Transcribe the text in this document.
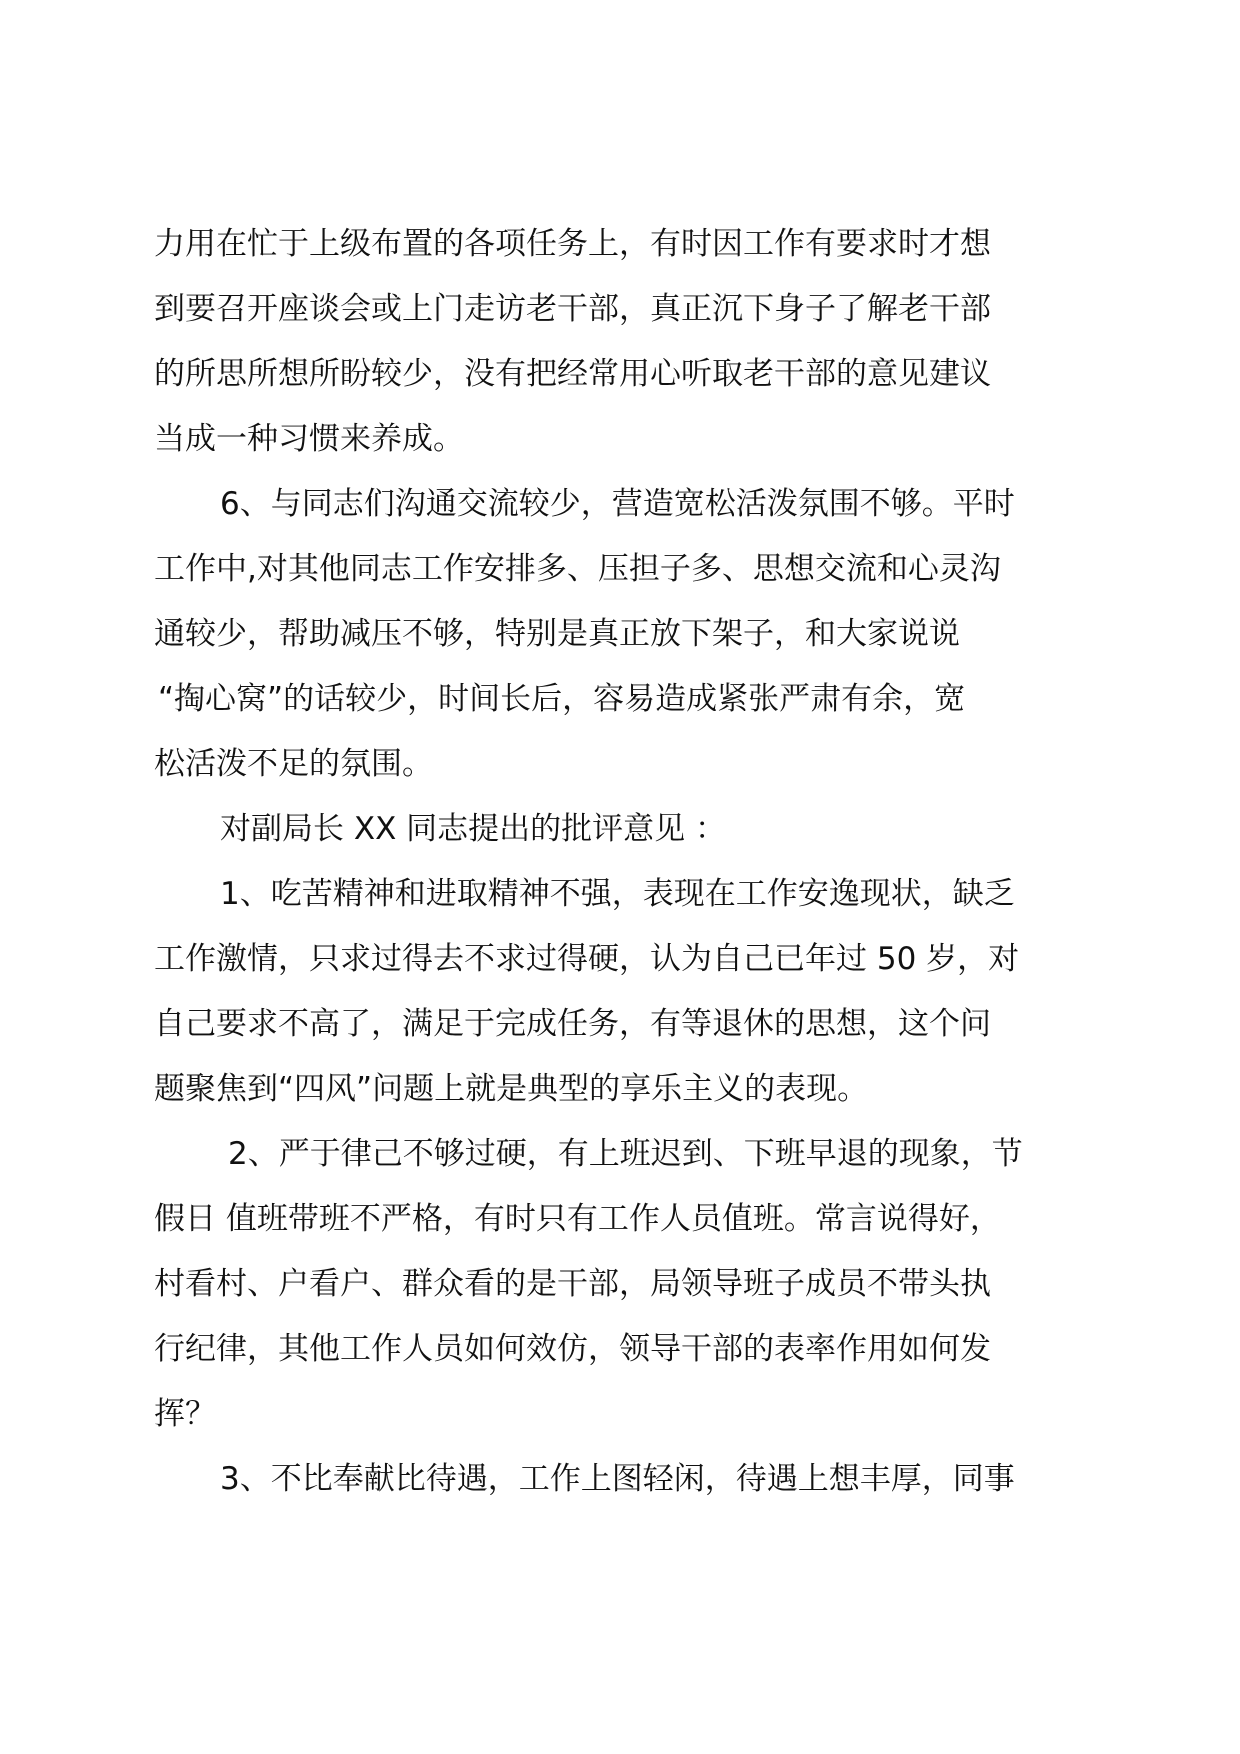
力用在忙于上级布置的各项任务上，有时因工作有要求时才想
到要召开座谈会或上门走访老干部，真正沉下身子了解老干部
的所思所想所盼较少，没有把经常用心听取老干部的意见建议
当成一种习惯来养成。
6、与同志们沟通交流较少，营造宽松活泼氛围不够。平时
工作中,对其他同志工作安排多、压担子多、思想交流和心灵沟
通较少，帮助减压不够，特别是真正放下架子，和大家说说
“掏心窝”的话较少，时间长后，容易造成紧张严肃有余，宽
松活泼不足的氛围。
对副局长 XX 同志提出的批评意见 ：
1、吃苦精神和进取精神不强，表现在工作安逸现状，缺乏
工作激情，只求过得去不求过得硬，认为自己已年过 50 岁，对
自己要求不高了，满足于完成任务，有等退休的思想，这个问
题聚焦到“四风”问题上就是典型的享乐主义的表现。
2、严于律己不够过硬，有上班迟到、下班早退的现象，节
假日 值班带班不严格，有时只有工作人员值班。常言说得好，
村看村、户看户、群众看的是干部，局领导班子成员不带头执
行纪律，其他工作人员如何效仿，领导干部的表率作用如何发
挥？
3、不比奉献比待遇，工作上图轻闲，待遇上想丰厚，同事
